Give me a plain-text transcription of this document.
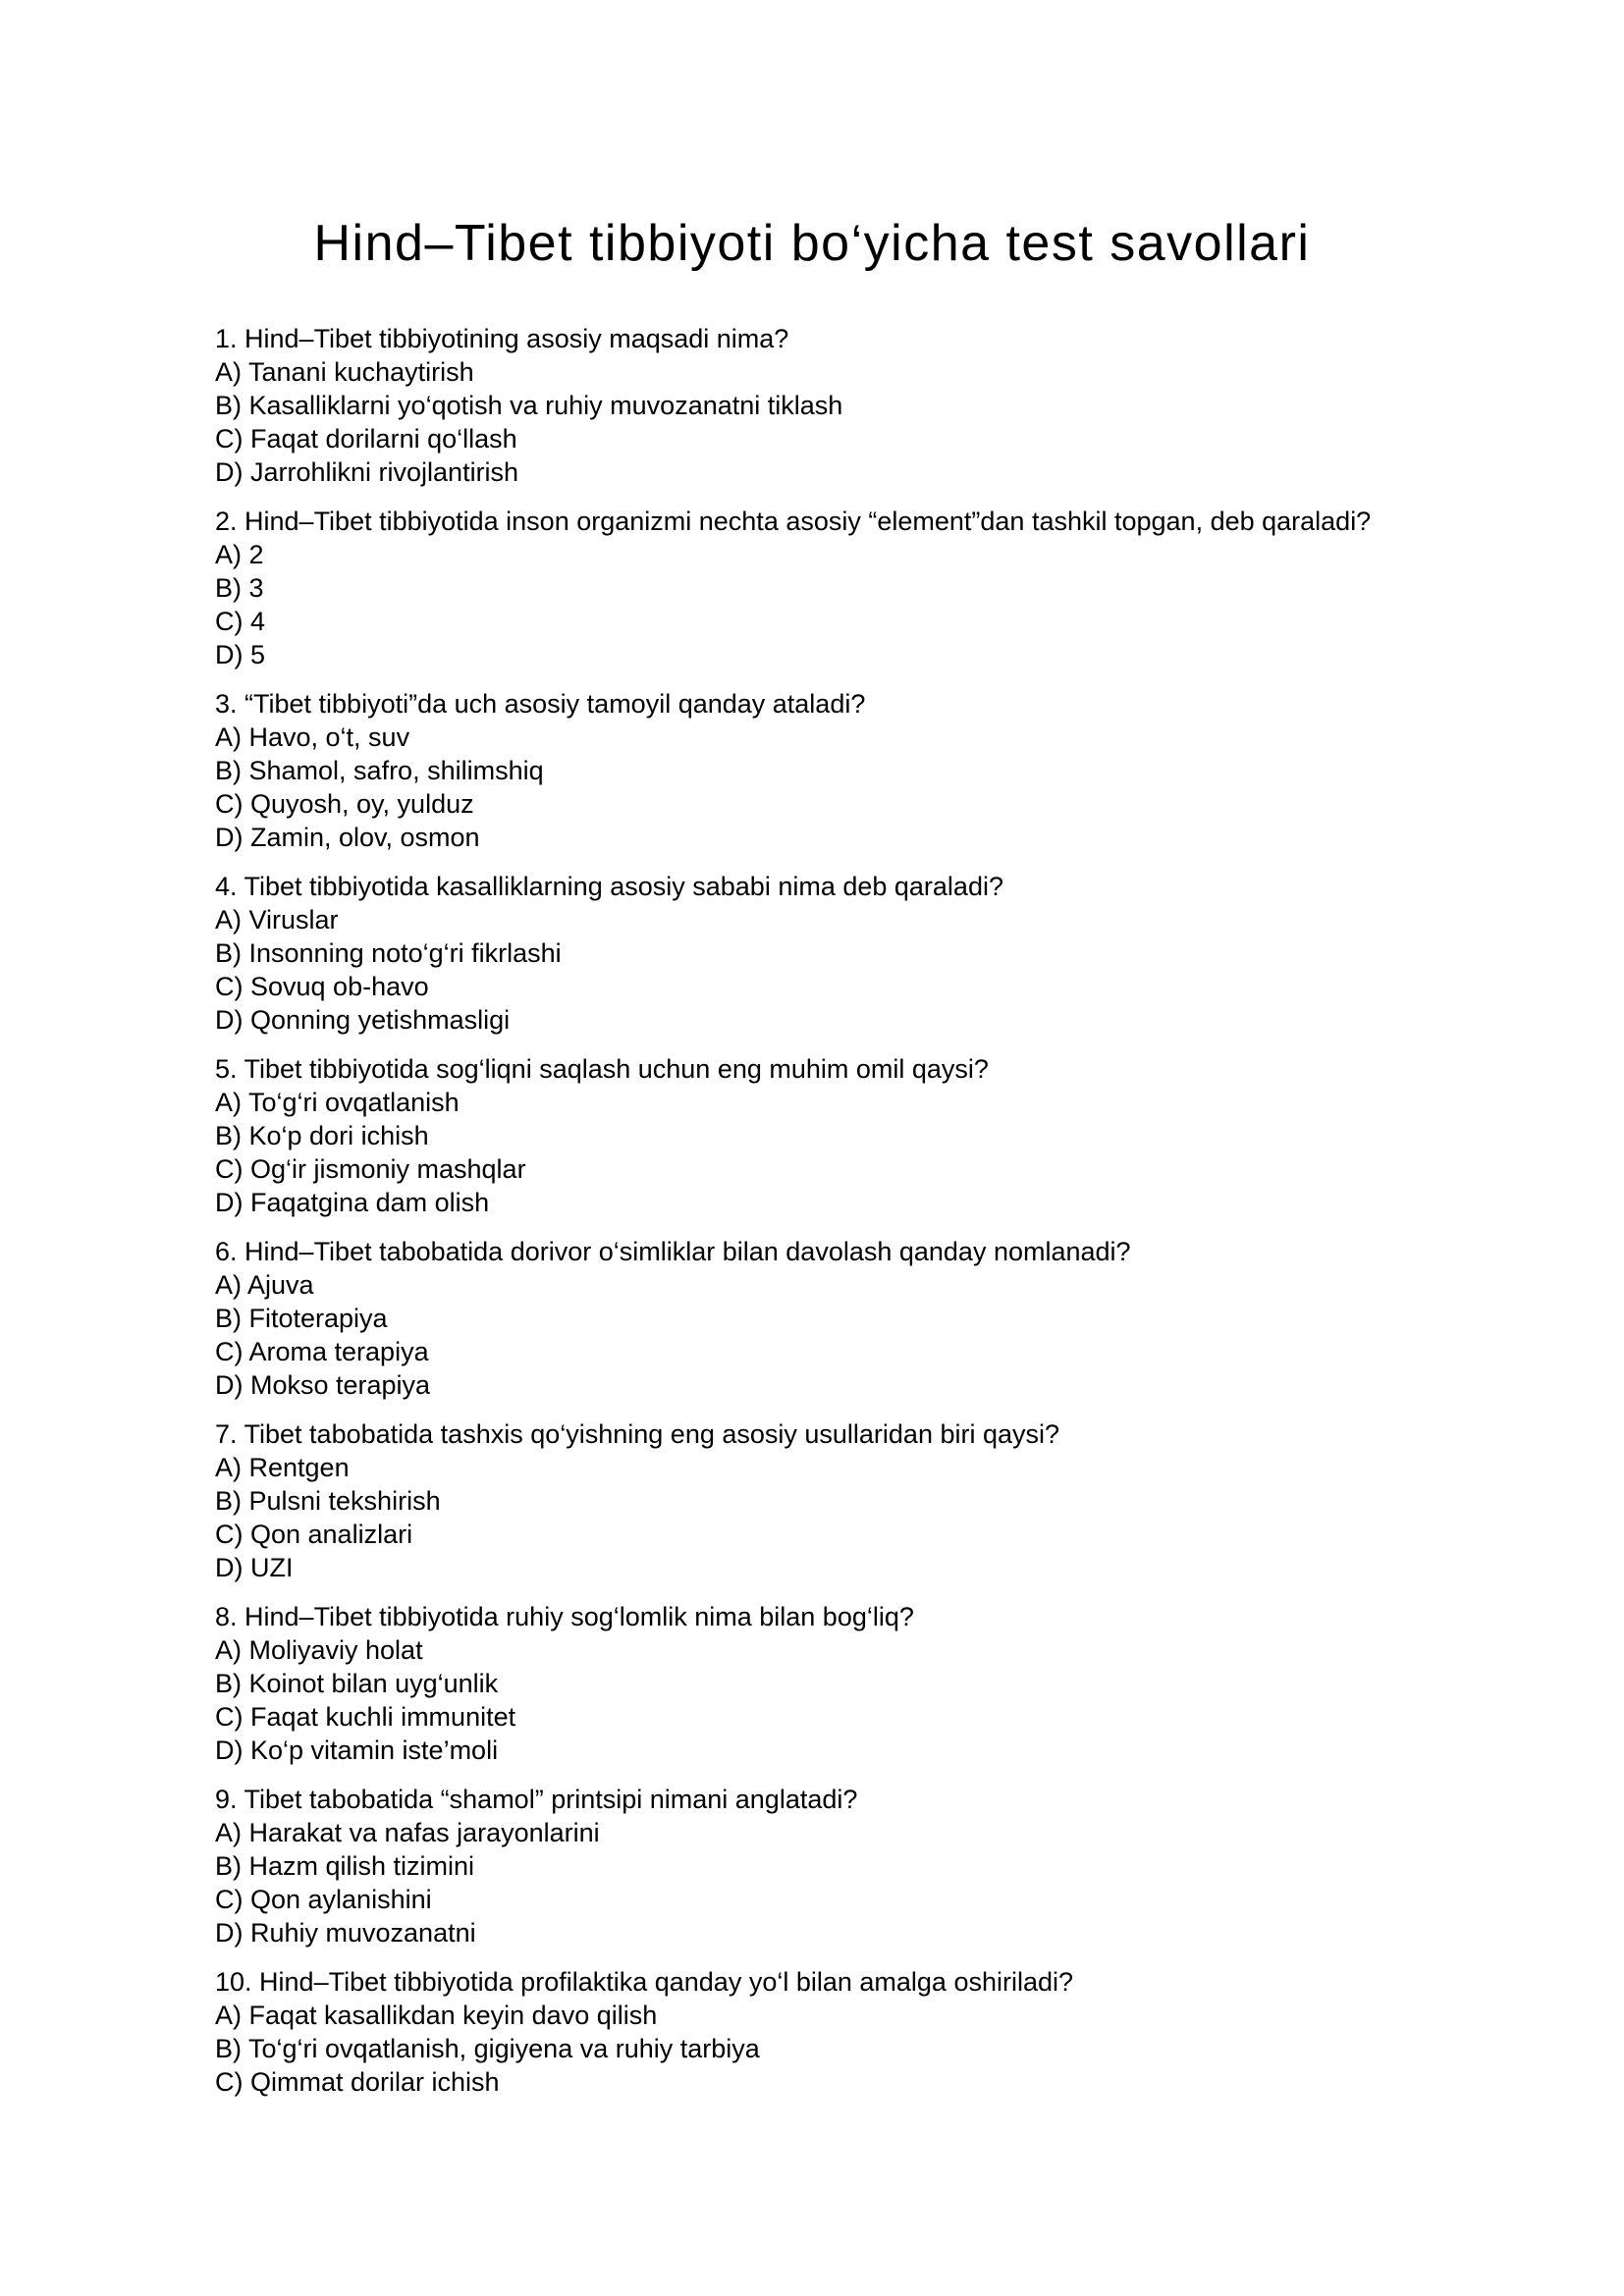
Hind–Tibet tibbiyoti bo‘yicha test savollari
1. Hind–Tibet tibbiyotining asosiy maqsadi nima?
A) Tanani kuchaytirish
B) Kasalliklarni yo‘qotish va ruhiy muvozanatni tiklash
C) Faqat dorilarni qo‘llash
D) Jarrohlikni rivojlantirish
2. Hind–Tibet tibbiyotida inson organizmi nechta asosiy “element”dan tashkil topgan, deb qaraladi?
A) 2
B) 3
C) 4
D) 5
3. “Tibet tibbiyoti”da uch asosiy tamoyil qanday ataladi?
A) Havo, o‘t, suv
B) Shamol, safro, shilimshiq
C) Quyosh, oy, yulduz
D) Zamin, olov, osmon
4. Tibet tibbiyotida kasalliklarning asosiy sababi nima deb qaraladi?
A) Viruslar
B) Insonning noto‘g‘ri fikrlashi
C) Sovuq ob-havo
D) Qonning yetishmasligi
5. Tibet tibbiyotida sog‘liqni saqlash uchun eng muhim omil qaysi?
A) To‘g‘ri ovqatlanish
B) Ko‘p dori ichish
C) Og‘ir jismoniy mashqlar
D) Faqatgina dam olish
6. Hind–Tibet tabobatida dorivor o‘simliklar bilan davolash qanday nomlanadi?
A) Ajuva
B) Fitoterapiya
C) Aroma terapiya
D) Mokso terapiya
7. Tibet tabobatida tashxis qo‘yishning eng asosiy usullaridan biri qaysi?
A) Rentgen
B) Pulsni tekshirish
C) Qon analizlari
D) UZI
8. Hind–Tibet tibbiyotida ruhiy sog‘lomlik nima bilan bog‘liq?
A) Moliyaviy holat
B) Koinot bilan uyg‘unlik
C) Faqat kuchli immunitet
D) Ko‘p vitamin iste’moli
9. Tibet tabobatida “shamol” printsipi nimani anglatadi?
A) Harakat va nafas jarayonlarini
B) Hazm qilish tizimini
C) Qon aylanishini
D) Ruhiy muvozanatni
10. Hind–Tibet tibbiyotida profilaktika qanday yo‘l bilan amalga oshiriladi?
A) Faqat kasallikdan keyin davo qilish
B) To‘g‘ri ovqatlanish, gigiyena va ruhiy tarbiya
C) Qimmat dorilar ichish
